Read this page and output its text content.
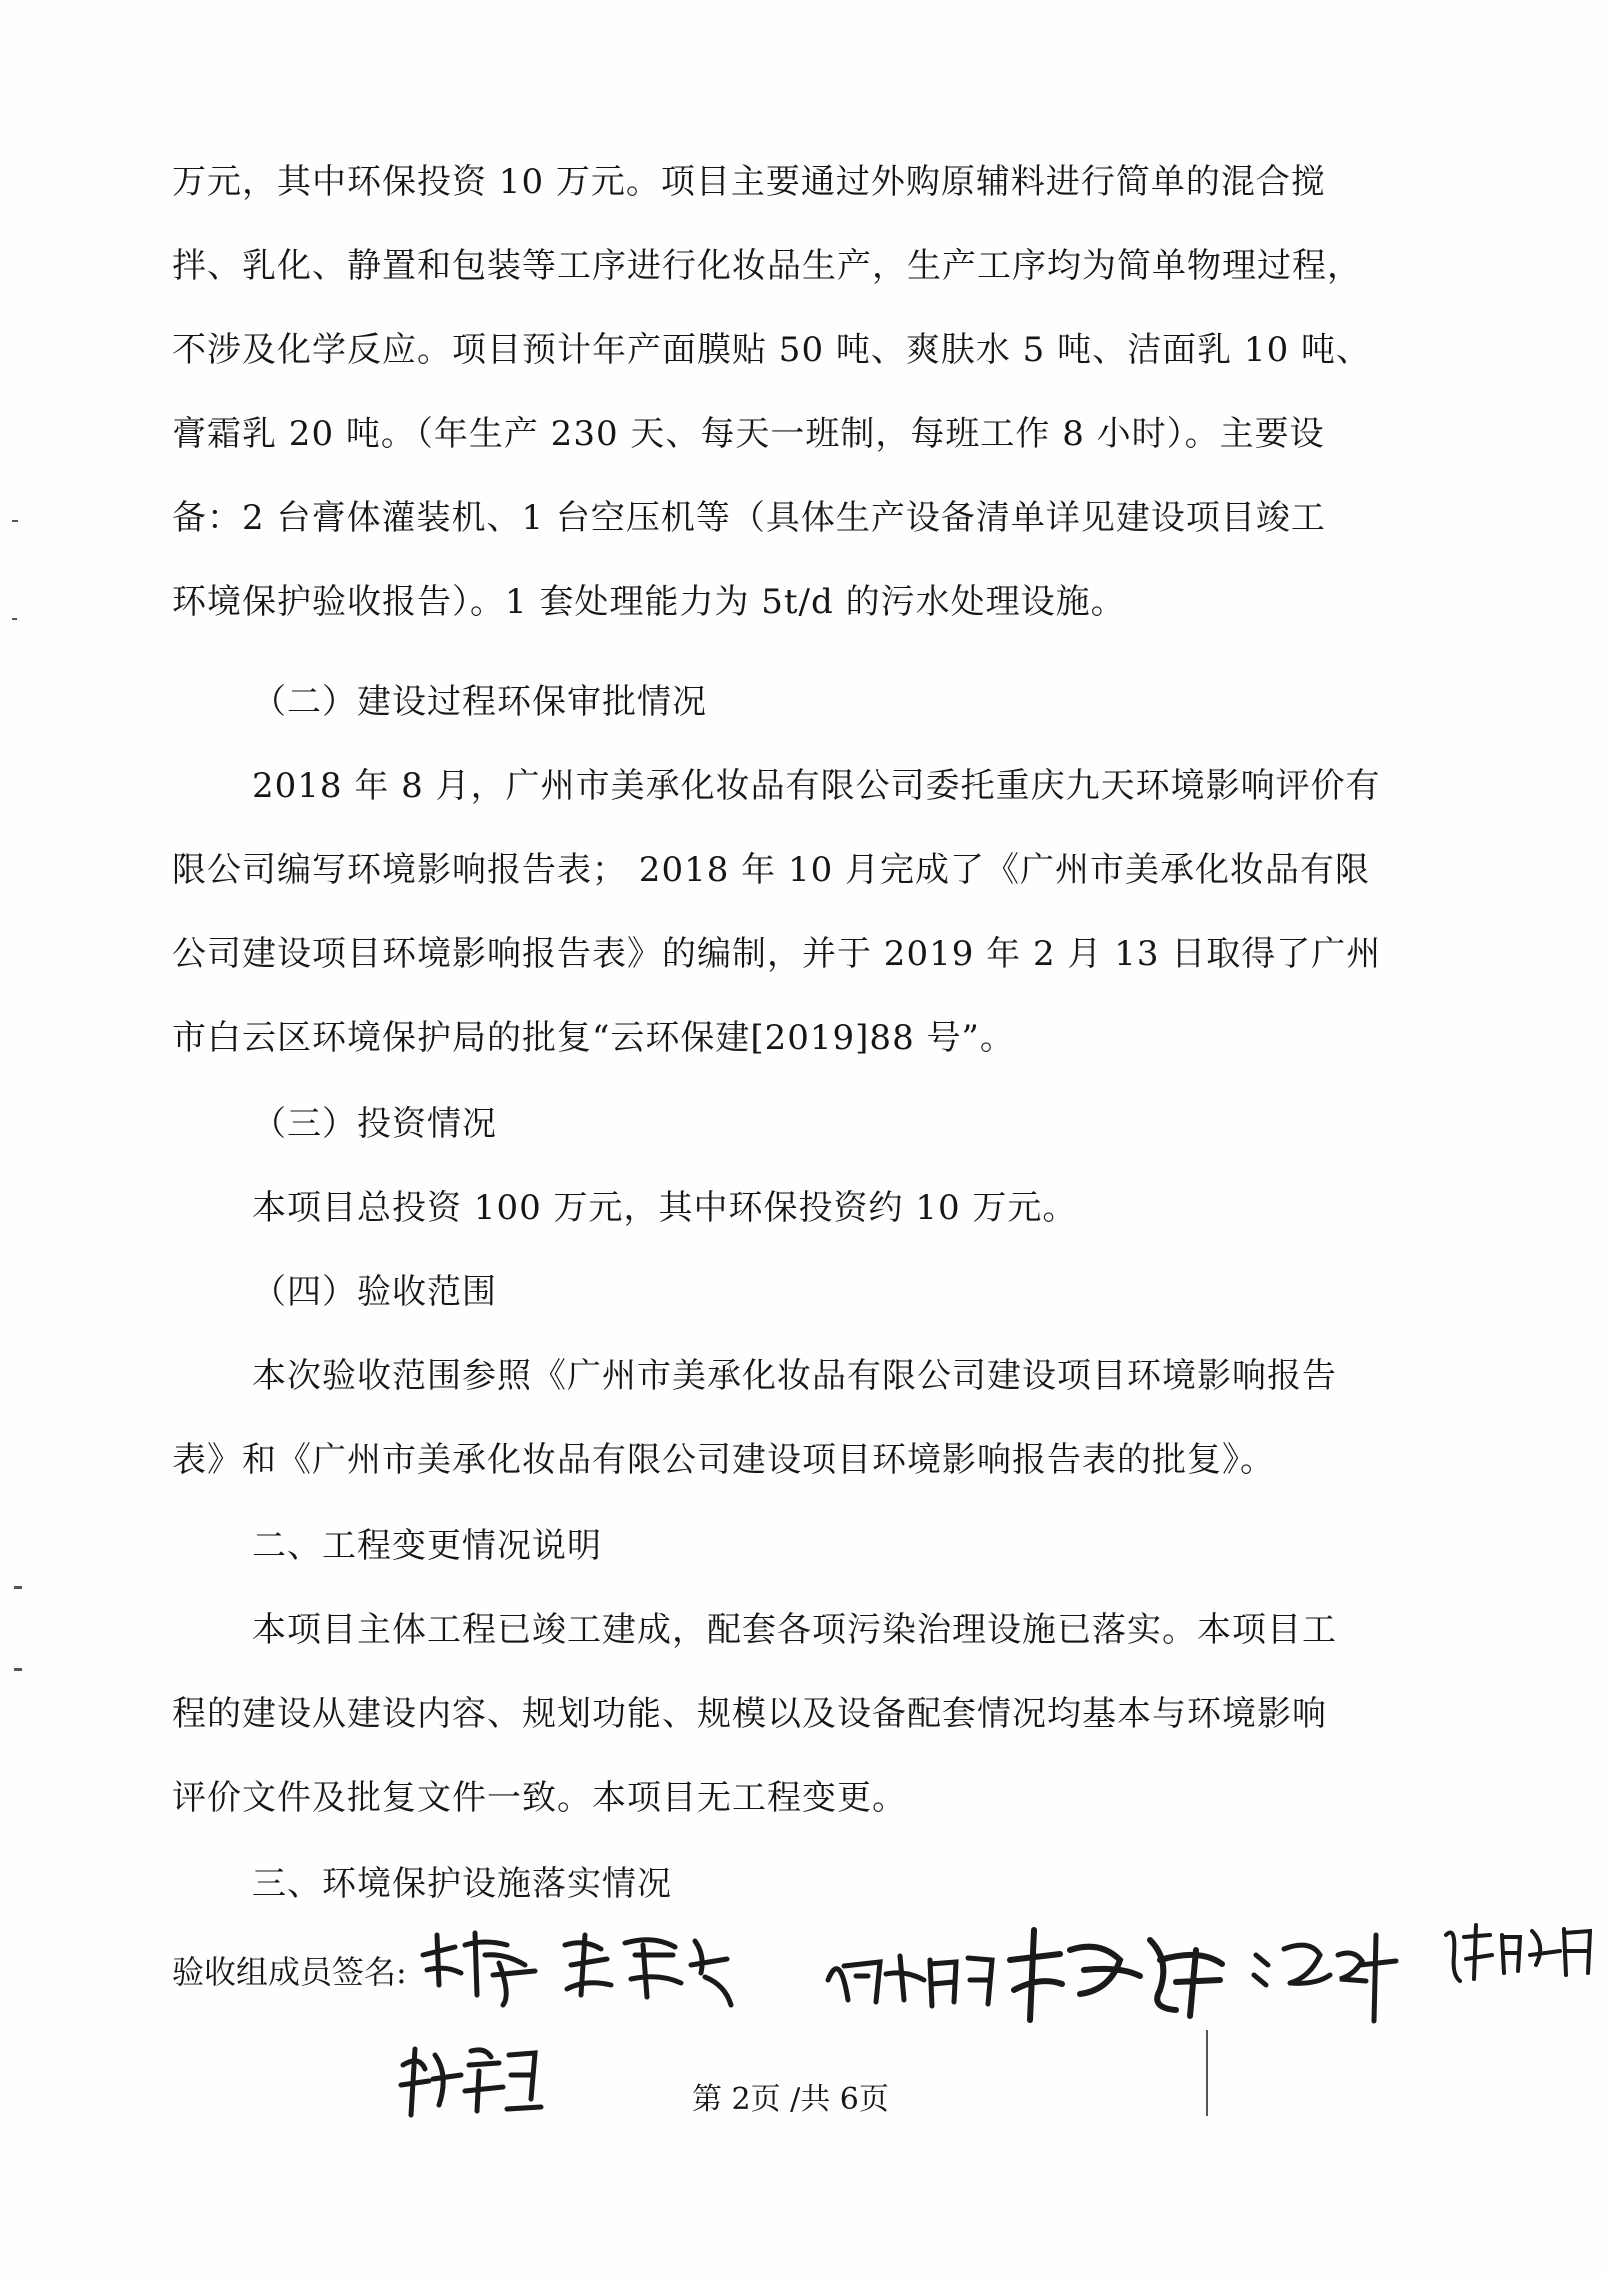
万元，其中环保投资 10 万元。项目主要通过外购原辅料进行简单的混合搅
拌、乳化、静置和包装等工序进行化妆品生产，生产工序均为简单物理过程，
不涉及化学反应。项目预计年产面膜贴 50 吨、爽肤水 5 吨、洁面乳 10 吨、
膏霜乳 20 吨。（年生产 230 天、每天一班制，每班工作 8 小时）。主要设
备：2 台膏体灌装机、1 台空压机等（具体生产设备清单详见建设项目竣工
环境保护验收报告）。1 套处理能力为 5t/d 的污水处理设施。
（二）建设过程环保审批情况
2018 年 8 月，广州市美承化妆品有限公司委托重庆九天环境影响评价有
限公司编写环境影响报告表； 2018 年 10 月完成了《广州市美承化妆品有限
公司建设项目环境影响报告表》的编制，并于 2019 年 2 月 13 日取得了广州
市白云区环境保护局的批复“云环保建[2019]88 号”。
（三）投资情况
本项目总投资 100 万元，其中环保投资约 10 万元。
（四）验收范围
本次验收范围参照《广州市美承化妆品有限公司建设项目环境影响报告
表》和《广州市美承化妆品有限公司建设项目环境影响报告表的批复》。
二、工程变更情况说明
本项目主体工程已竣工建成，配套各项污染治理设施已落实。本项目工
程的建设从建设内容、规划功能、规模以及设备配套情况均基本与环境影响
评价文件及批复文件一致。本项目无工程变更。
三、环境保护设施落实情况
验收组成员签名:
第 2页 /共 6页
